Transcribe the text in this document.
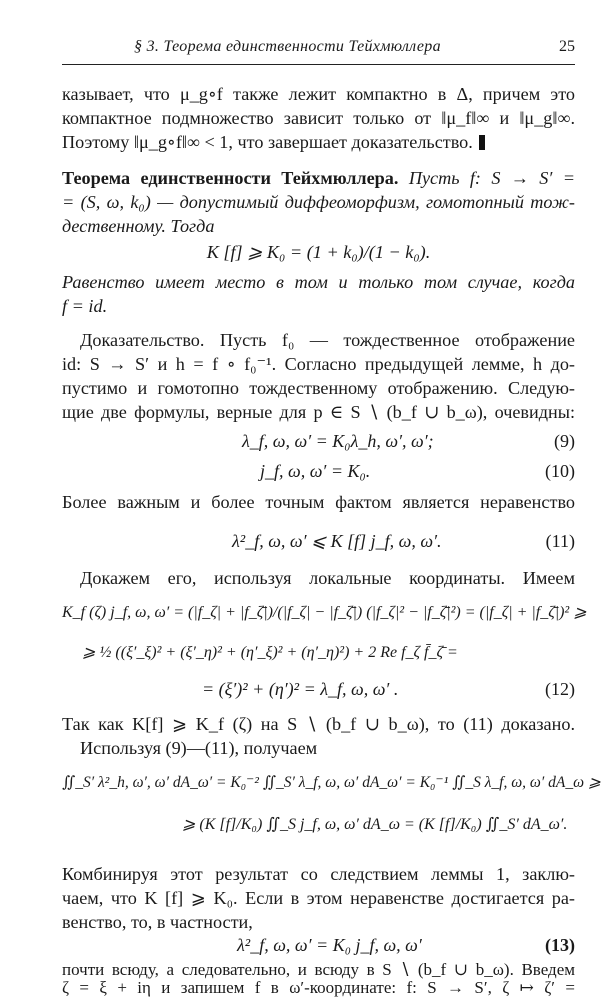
§ 3. Теорема единственности Тейхмюллера	25
казывает, что μ_g∘f также лежит компактно в Δ, причем это
компактное подмножество зависит только от ‖μ_f‖∞ и ‖μ_g‖∞.
Поэтому ‖μ_g∘f‖∞ < 1, что завершает доказательство.
Теорема единственности Тейхмюллера. Пусть f: S → S′ =
= (S, ω, k₀) — допустимый диффеоморфизм, гомотопный тож-
дественному. Тогда
K [f] ⩾ K₀ = (1 + k₀)/(1 − k₀).
Равенство имеет место в том и только том случае, когда
f = id.
Доказательство. Пусть f₀ — тождественное отображение
id: S → S′ и h = f ∘ f₀⁻¹. Согласно предыдущей лемме, h до-
пустимо и гомотопно тождественному отображению. Следую-
щие две формулы, верные для p ∈ S ∖ (b_f ∪ b_ω), очевидны:
λ_f, ω, ω′ = K₀λ_h, ω′, ω′;	(9)
j_f, ω, ω′ = K₀.	(10)
Более важным и более точным фактом является неравенство
λ²_f, ω, ω′ ⩽ K [f] j_f, ω, ω′.	(11)
Докажем его, используя локальные координаты. Имеем
K_f (ζ) j_f, ω, ω′ = (|f_ζ| + |f_ζ̄|)/(|f_ζ| − |f_ζ̄|) (|f_ζ|² − |f_ζ̄|²) = (|f_ζ| + |f_ζ̄|)² ⩾
⩾ ½ ((ξ′_ξ)² + (ξ′_η)² + (η′_ξ)² + (η′_η)²) + 2 Re f_ζ f̄_ζ̄ =
= (ξ′)² + (η′)² = λ_f, ω, ω′ .	(12)
Так как K[f] ⩾ K_f (ζ) на S ∖ (b_f ∪ b_ω), то (11) доказано.
Используя (9)—(11), получаем
∬_S′ λ²_h, ω′, ω′ dA_ω′ = K₀⁻² ∬_S′ λ_f, ω, ω′ dA_ω′ = K₀⁻¹ ∬_S λ_f, ω, ω′ dA_ω ⩾
⩾ (K [f]/K₀) ∬_S j_f, ω, ω′ dA_ω = (K [f]/K₀) ∬_S′ dA_ω′.
Комбинируя этот результат со следствием леммы 1, заклю-
чаем, что K [f] ⩾ K₀. Если в этом неравенстве достигается ра-
венство, то, в частности,
λ²_f, ω, ω′ = K₀ j_f, ω, ω′	(13)
почти всюду, а следовательно, и всюду в S ∖ (b_f ∪ b_ω). Введем
ζ = ξ + iη и запишем f в ω′-координате: f: S → S′, ζ ↦ ζ′ =
